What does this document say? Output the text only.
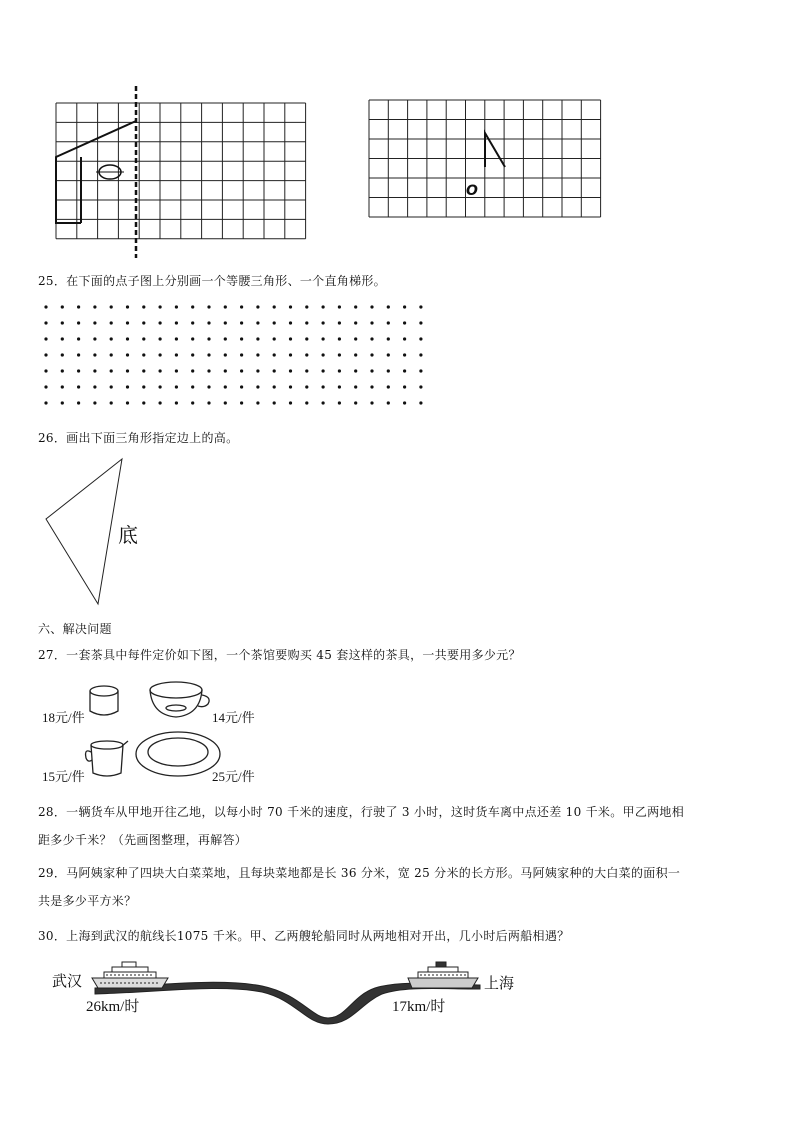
O
25．在下面的点子图上分别画一个等腰三角形、一个直角梯形。
26．画出下面三角形指定边上的高。
底
六、解决问题
27．一套茶具中每件定价如下图，一个茶馆要购买 45 套这样的茶具，一共要用多少元？
18元/件	14元/件
15元/件	25元/件
28．一辆货车从甲地开往乙地，以每小时 70 千米的速度，行驶了 3 小时，这时货车离中点还差 10 千米。甲乙两地相
距多少千米？（先画图整理，再解答）
29．马阿姨家种了四块大白菜菜地，且每块菜地都是长 36 分米，宽 25 分米的长方形。马阿姨家种的大白菜的面积一
共是多少平方米？
30．上海到武汉的航线长1075 千米。甲、乙两艘轮船同时从两地相对开出，几小时后两船相遇？
武汉	上海
26km/时	17km/时
